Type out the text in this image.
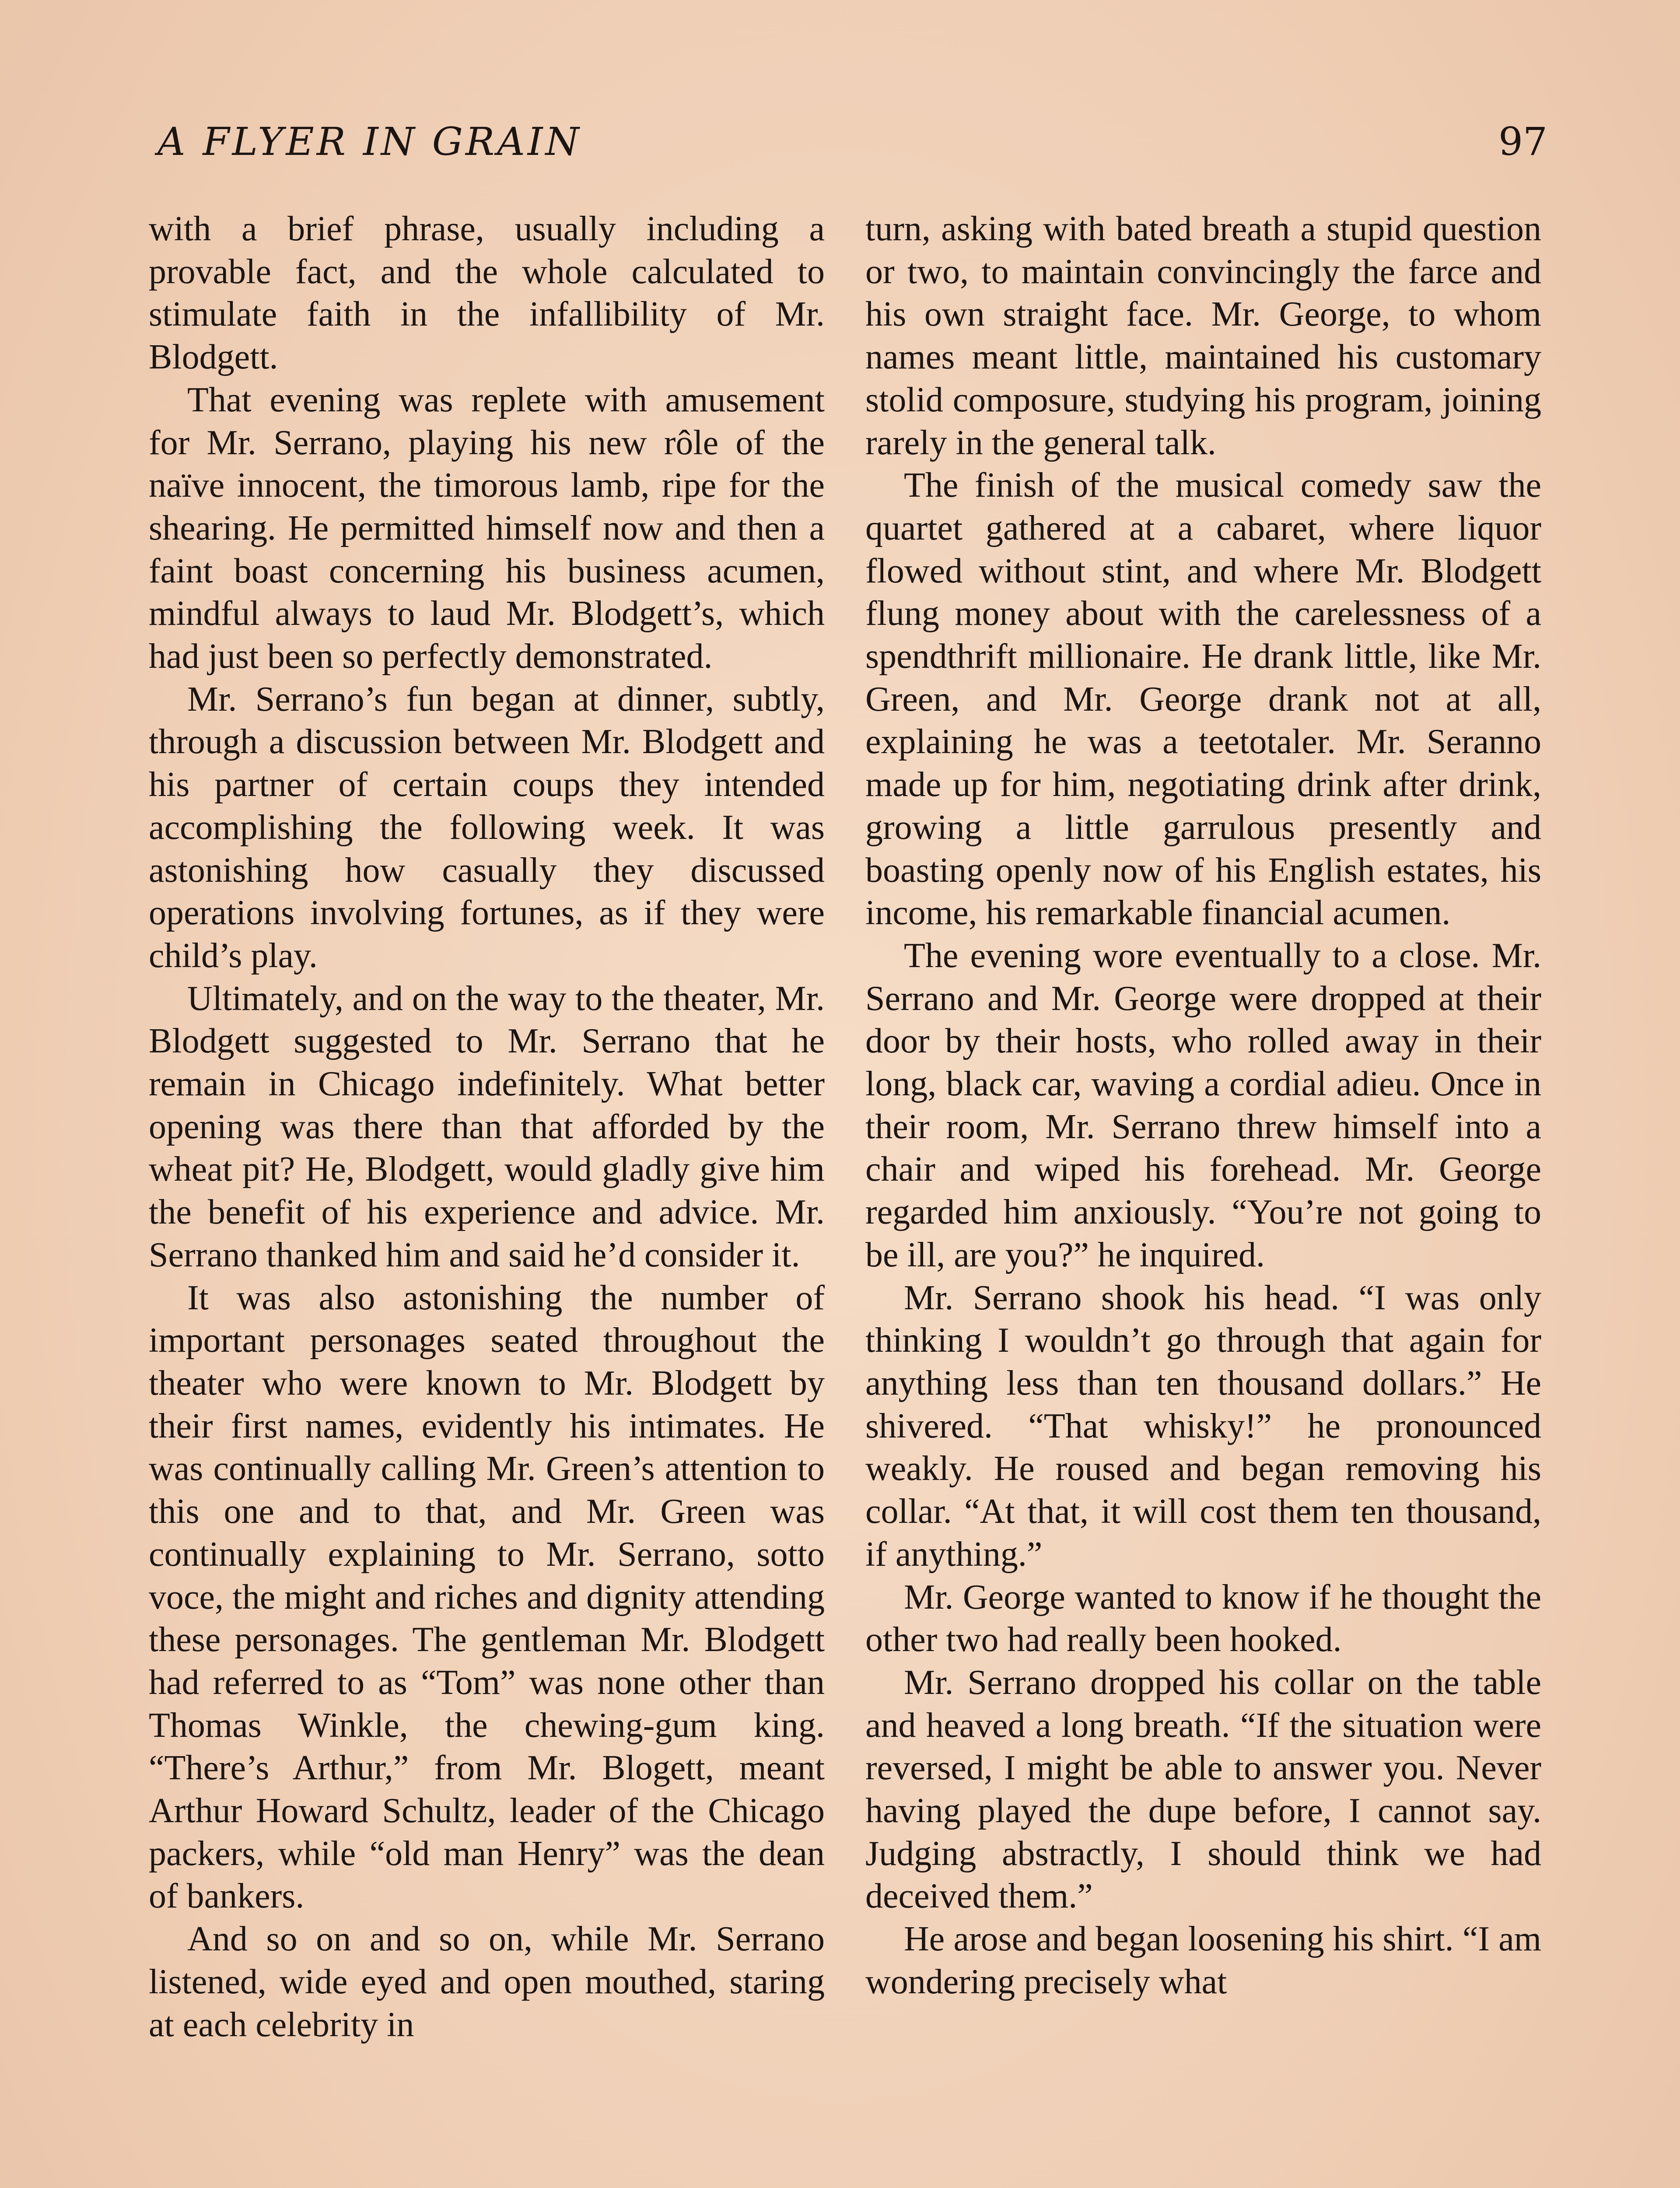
A FLYER IN GRAIN	97

with a brief phrase, usually including a provable fact, and the whole calculated to stimulate faith in the infallibility of Mr. Blodgett.

That evening was replete with amusement for Mr. Serrano, playing his new rôle of the naïve innocent, the timorous lamb, ripe for the shearing. He permitted himself now and then a faint boast concerning his business acumen, mindful always to laud Mr. Blodgett’s, which had just been so perfectly demonstrated.

Mr. Serrano’s fun began at dinner, subtly, through a discussion between Mr. Blodgett and his partner of certain coups they intended accomplishing the following week. It was astonishing how casually they discussed operations involving fortunes, as if they were child’s play.

Ultimately, and on the way to the theater, Mr. Blodgett suggested to Mr. Serrano that he remain in Chicago indefinitely. What better opening was there than that afforded by the wheat pit? He, Blodgett, would gladly give him the benefit of his experience and advice. Mr. Serrano thanked him and said he’d consider it.

It was also astonishing the number of important personages seated throughout the theater who were known to Mr. Blodgett by their first names, evidently his intimates. He was continually calling Mr. Green’s attention to this one and to that, and Mr. Green was continually explaining to Mr. Serrano, sotto voce, the might and riches and dignity attending these personages. The gentleman Mr. Blodgett had referred to as “Tom” was none other than Thomas Winkle, the chewing-gum king. “There’s Arthur,” from Mr. Blogett, meant Arthur Howard Schultz, leader of the Chicago packers, while “old man Henry” was the dean of bankers.

And so on and so on, while Mr. Serrano listened, wide eyed and open mouthed, staring at each celebrity in

turn, asking with bated breath a stupid question or two, to maintain convincingly the farce and his own straight face. Mr. George, to whom names meant little, maintained his customary stolid composure, studying his program, joining rarely in the general talk.

The finish of the musical comedy saw the quartet gathered at a cabaret, where liquor flowed without stint, and where Mr. Blodgett flung money about with the carelessness of a spendthrift millionaire. He drank little, like Mr. Green, and Mr. George drank not at all, explaining he was a teetotaler. Mr. Seranno made up for him, negotiating drink after drink, growing a little garrulous presently and boasting openly now of his English estates, his income, his remarkable financial acumen.

The evening wore eventually to a close. Mr. Serrano and Mr. George were dropped at their door by their hosts, who rolled away in their long, black car, waving a cordial adieu. Once in their room, Mr. Serrano threw himself into a chair and wiped his forehead. Mr. George regarded him anxiously. “You’re not going to be ill, are you?” he inquired.

Mr. Serrano shook his head. “I was only thinking I wouldn’t go through that again for anything less than ten thousand dollars.” He shivered. “That whisky!” he pronounced weakly. He roused and began removing his collar. “At that, it will cost them ten thousand, if anything.”

Mr. George wanted to know if he thought the other two had really been hooked.

Mr. Serrano dropped his collar on the table and heaved a long breath. “If the situation were reversed, I might be able to answer you. Never having played the dupe before, I cannot say. Judging abstractly, I should think we had deceived them.”

He arose and began loosening his shirt. “I am wondering precisely what
